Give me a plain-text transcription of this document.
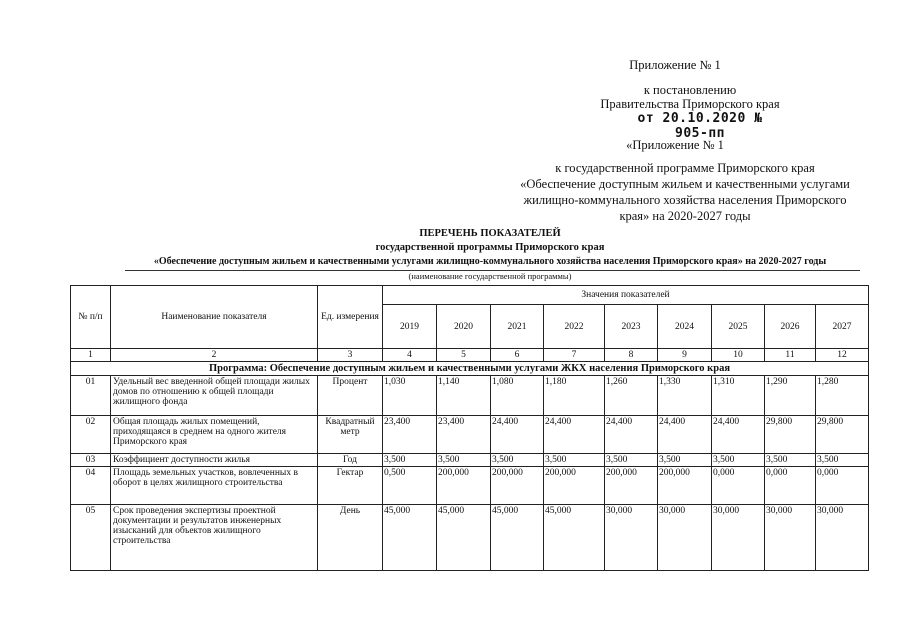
Приложение № 1
к постановлению
Правительства Приморского края
от 20.10.2020 № 905-пп
«Приложение № 1
к государственной программе Приморского края «Обеспечение доступным жильем и качественными услугами жилищно-коммунального хозяйства населения Приморского края» на 2020-2027 годы
ПЕРЕЧЕНЬ ПОКАЗАТЕЛЕЙ
государственной программы Приморского края
«Обеспечение доступным жильем и качественными услугами жилищно-коммунального хозяйства населения Приморского края» на 2020-2027 годы
(наименование государственной программы)
№ п/п	Наименование показателя	Ед. измерения	Значения показателей								
			2019	2020	2021	2022	2023	2024	2025	2026	2027
1	2	3	4	5	6	7	8	9	10	11	12
Программа: Обеспечение доступным жильем и качественными услугами ЖКХ населения Приморского края											
01	Удельный вес введенной общей площади жилых домов по отношению к общей площади жилищного фонда	Процент	1,030	1,140	1,080	1,180	1,260	1,330	1,310	1,290	1,280
02	Общая площадь жилых помещений, приходящаяся в среднем на одного жителя Приморского края	Квадратный метр	23,400	23,400	24,400	24,400	24,400	24,400	24,400	29,800	29,800
03	Коэффициент доступности жилья	Год	3,500	3,500	3,500	3,500	3,500	3,500	3,500	3,500	3,500
04	Площадь земельных участков, вовлеченных в оборот в целях жилищного строительства	Гектар	0,500	200,000	200,000	200,000	200,000	200,000	0,000	0,000	0,000
05	Срок проведения экспертизы проектной документации и результатов инженерных изысканий для объектов жилищного строительства	День	45,000	45,000	45,000	45,000	30,000	30,000	30,000	30,000	30,000
